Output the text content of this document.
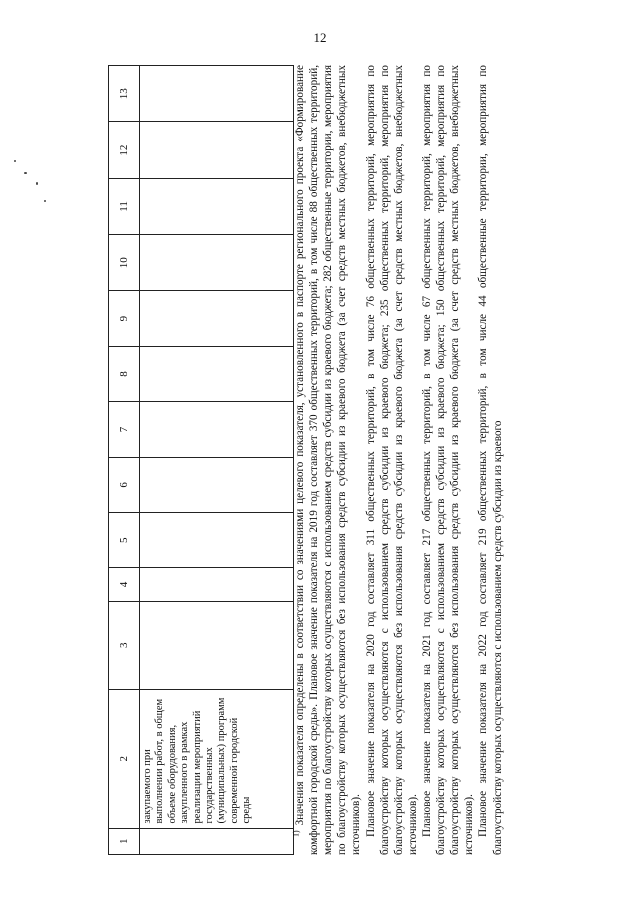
12
1	2	3	4	5	6	7	8	9	10	11	12	13
	закупаемого при выполнении работ, в общем объеме оборудования, закупленного в рамках реализации мероприятий государственных (муниципальных) программ современной городской среды											

$^{1)}$ Значения показателя определены в соответствии со значениями целевого показателя, установленного в паспорте регионального проекта «Формирование комфортной городской среды». Плановое значение показателя на 2019 год составляет 370 общественных территорий, в том числе 88 общественных территорий, мероприятия по благоустройству которых осуществляются с использованием средств субсидии из краевого бюджета; 282 общественные территории, мероприятия по благоустройству которых осуществляются без использования средств субсидии из краевого бюджета (за счет средств местных бюджетов, внебюджетных источников). Плановое значение показателя на 2020 год составляет 311 общественных территорий, в том числе 76 общественных территорий, мероприятия по благоустройству которых осуществляются с использованием средств субсидии из краевого бюджета; 235 общественных территорий, мероприятия по благоустройству которых осуществляются без использования средств субсидии из краевого бюджета (за счет средств местных бюджетов, внебюджетных источников). Плановое значение показателя на 2021 год составляет 217 общественных территорий, в том числе 67 общественных территорий, мероприятия по благоустройству которых осуществляются с использованием средств субсидии из краевого бюджета; 150 общественных территорий, мероприятия по благоустройству которых осуществляются без использования средств субсидии из краевого бюджета (за счет средств местных бюджетов, внебюджетных источников). Плановое значение показателя на 2022 год составляет 219 общественных территорий, в том числе 44 общественные территории, мероприятия по благоустройству которых осуществляются с использованием средств субсидии из краевого
